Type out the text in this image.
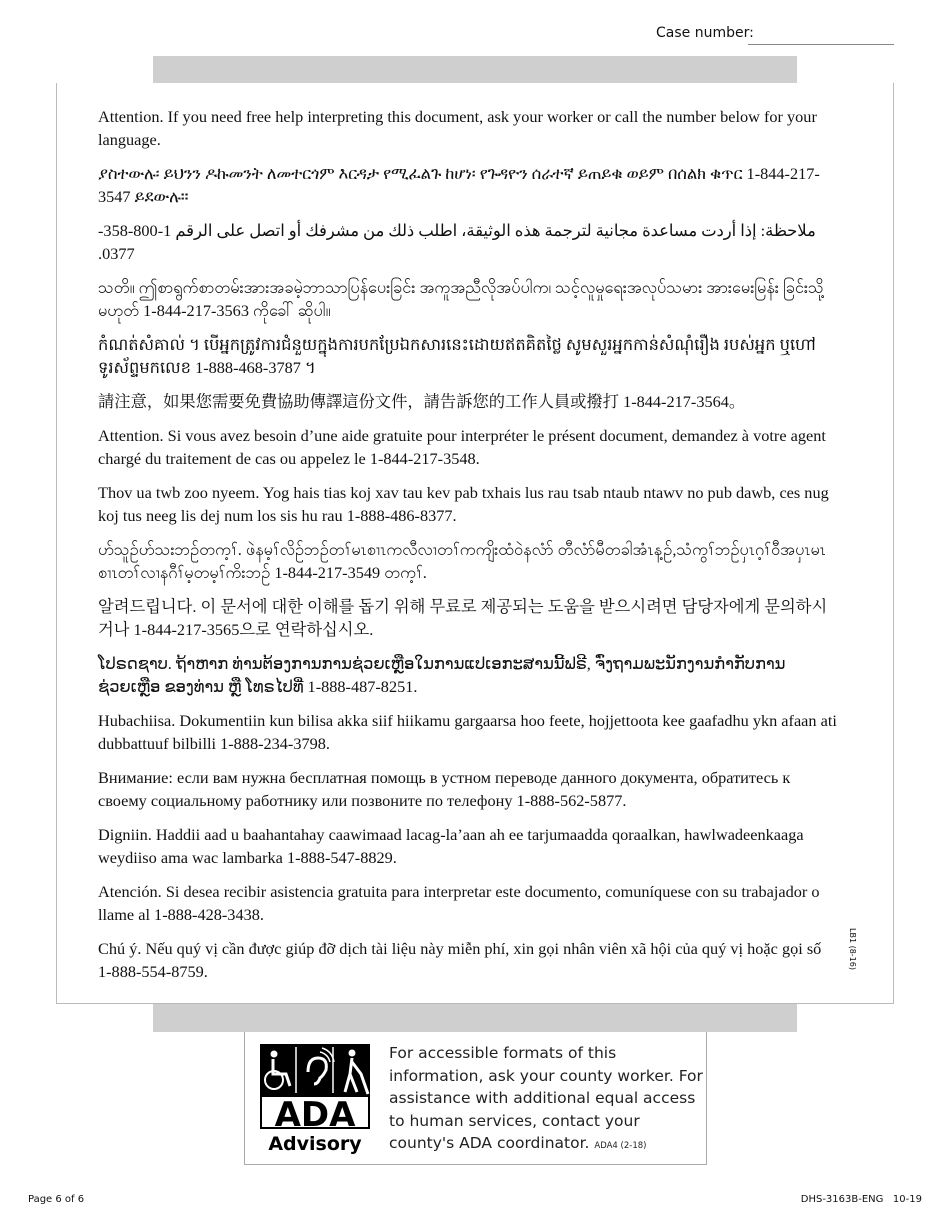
Case number:

Attention. If you need free help interpreting this document, ask your worker or call the number below for your language.

ያስተውሉ፡ ይህንን ዶኩመንት ለመተርጎም እርዳታ የሚፈልጉ ከሆነ፡ የጉዳዮን ሰራተኛ ይጠይቁ ወይም በሰልክ ቁጥር 1-844-217-3547 ይደውሉ።

ملاحظة: إذا أردت مساعدة مجانية لترجمة هذه الوثيقة، اطلب ذلك من مشرفك أو اتصل على الرقم 1-800-358-0377.

သတိ။ ဤစာရွက်စာတမ်းအားအခမဲ့ဘာသာပြန်ပေးခြင်း အကူအညီလိုအပ်ပါက၊ သင့်လူမှုရေးအလုပ်သမား အားမေးမြန်း ခြင်းသို့ မဟုတ် 1-844-217-3563 ကိုခေါ် ဆိုပါ။

កំណត់សំគាល់ ។ បើអ្នកត្រូវការជំនួយក្នុងការបកប្រែឯកសារនេះដោយឥតគិតថ្លៃ សូមសួរអ្នកកាន់សំណុំរឿង របស់អ្នក ឬហៅទូរស័ព្ទមកលេខ 1-888-468-3787 ។

請注意，如果您需要免費協助傳譯這份文件，請告訴您的工作人員或撥打 1-844-217-3564。

Attention. Si vous avez besoin d’une aide gratuite pour interpréter le présent document, demandez à votre agent chargé du traitement de cas ou appelez le 1-844-217-3548.

Thov ua twb zoo nyeem. Yog hais tias koj xav tau kev pab txhais lus rau tsab ntaub ntawv no pub dawb, ces nug koj tus neeg lis dej num los sis hu rau 1-888-486-8377.

ဟ်သူဉ်ဟ်သးဘဉ်တက့ၢ်. ဖဲနမ့ၢ်လိဉ်ဘဉ်တၢ်မၤစၢၤကလီလၢတၢ်ကကျိးထံဝဲနလံာ် တီလံာ်မီတခါအံၤန့ဉ်,သံကွၢ်ဘဉ်ပှၤဂ့ၢ်ဝီအပှၤမၤစၢၤတၢ်လၢနဂီၢ်မ့တမ့ၢ်ကိးဘဉ် 1-844-217-3549 တက့ၢ်.

알려드립니다. 이 문서에 대한 이해를 돕기 위해 무료로 제공되는 도움을 받으시려면 담당자에게 문의하시거나 1-844-217-3565으로 연락하십시오.

ໂປຣດຊາບ. ຖ້າຫາກ ທ່ານຕ້ອງການການຊ່ວຍເຫຼືອໃນການແປເອກະສານນີ້ຟຣີ, ຈົ່ງຖາມພະນັກງານກໍາກັບການຊ່ວຍເຫຼືອ ຂອງທ່ານ ຫຼື ໂທຣໄປທີ່ 1-888-487-8251.

Hubachiisa. Dokumentiin kun bilisa akka siif hiikamu gargaarsa hoo feete, hojjettoota kee gaafadhu ykn afaan ati dubbattuuf bilbilli 1-888-234-3798.

Внимание: если вам нужна бесплатная помощь в устном переводе данного документа, обратитесь к своему социальному работнику или позвоните по телефону 1-888-562-5877.

Digniin. Haddii aad u baahantahay caawimaad lacag-la’aan ah ee tarjumaadda qoraalkan, hawlwadeenkaaga weydiiso ama wac lambarka 1-888-547-8829.

Atención. Si desea recibir asistencia gratuita para interpretar este documento, comuníquese con su trabajador o llame al 1-888-428-3438.

Chú ý. Nếu quý vị cần được giúp đỡ dịch tài liệu này miễn phí, xin gọi nhân viên xã hội của quý vị hoặc gọi số 1-888-554-8759.

LB1 (8-16)
ADA
Advisory
For accessible formats of this information, ask your county worker. For assistance with additional equal access to human services, contact your county's ADA coordinator. ADA4 (2-18)
Page 6 of 6	DHS-3163B-ENG   10-19
